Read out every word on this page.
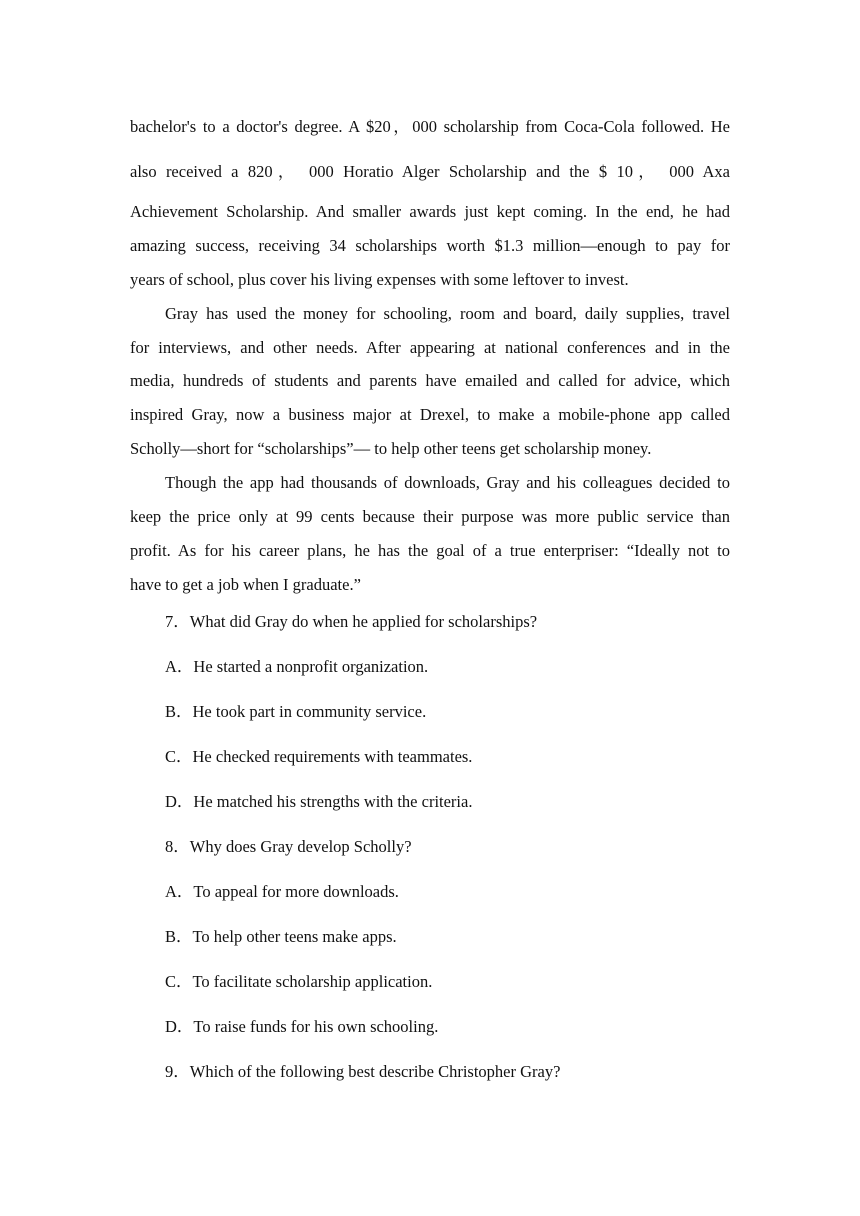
bachelor's to a doctor's degree. A $20，000 scholarship from Coca-Cola followed. He
also received a 820， 000 Horatio Alger Scholarship and the $ 10， 000 Axa
Achievement Scholarship. And smaller awards just kept coming. In the end, he had
amazing success, receiving 34 scholarships worth $1.3 million—enough to pay for
years of school, plus cover his living expenses with some leftover to invest.
Gray has used the money for schooling, room and board, daily supplies, travel
for interviews, and other needs. After appearing at national conferences and in the
media, hundreds of students and parents have emailed and called for advice, which
inspired Gray, now a business major at Drexel, to make a mobile-phone app called
Scholly—short for “scholarships”— to help other teens get scholarship money.
Though the app had thousands of downloads, Gray and his colleagues decided to
keep the price only at 99 cents because their purpose was more public service than
profit. As for his career plans, he has the goal of a true enterpriser: “Ideally not to
have to get a job when I graduate.”
7．What did Gray do when he applied for scholarships?
A．He started a nonprofit organization.
B．He took part in community service.
C．He checked requirements with teammates.
D．He matched his strengths with the criteria.
8．Why does Gray develop Scholly?
A．To appeal for more downloads.
B．To help other teens make apps.
C．To facilitate scholarship application.
D．To raise funds for his own schooling.
9．Which of the following best describe Christopher Gray?
